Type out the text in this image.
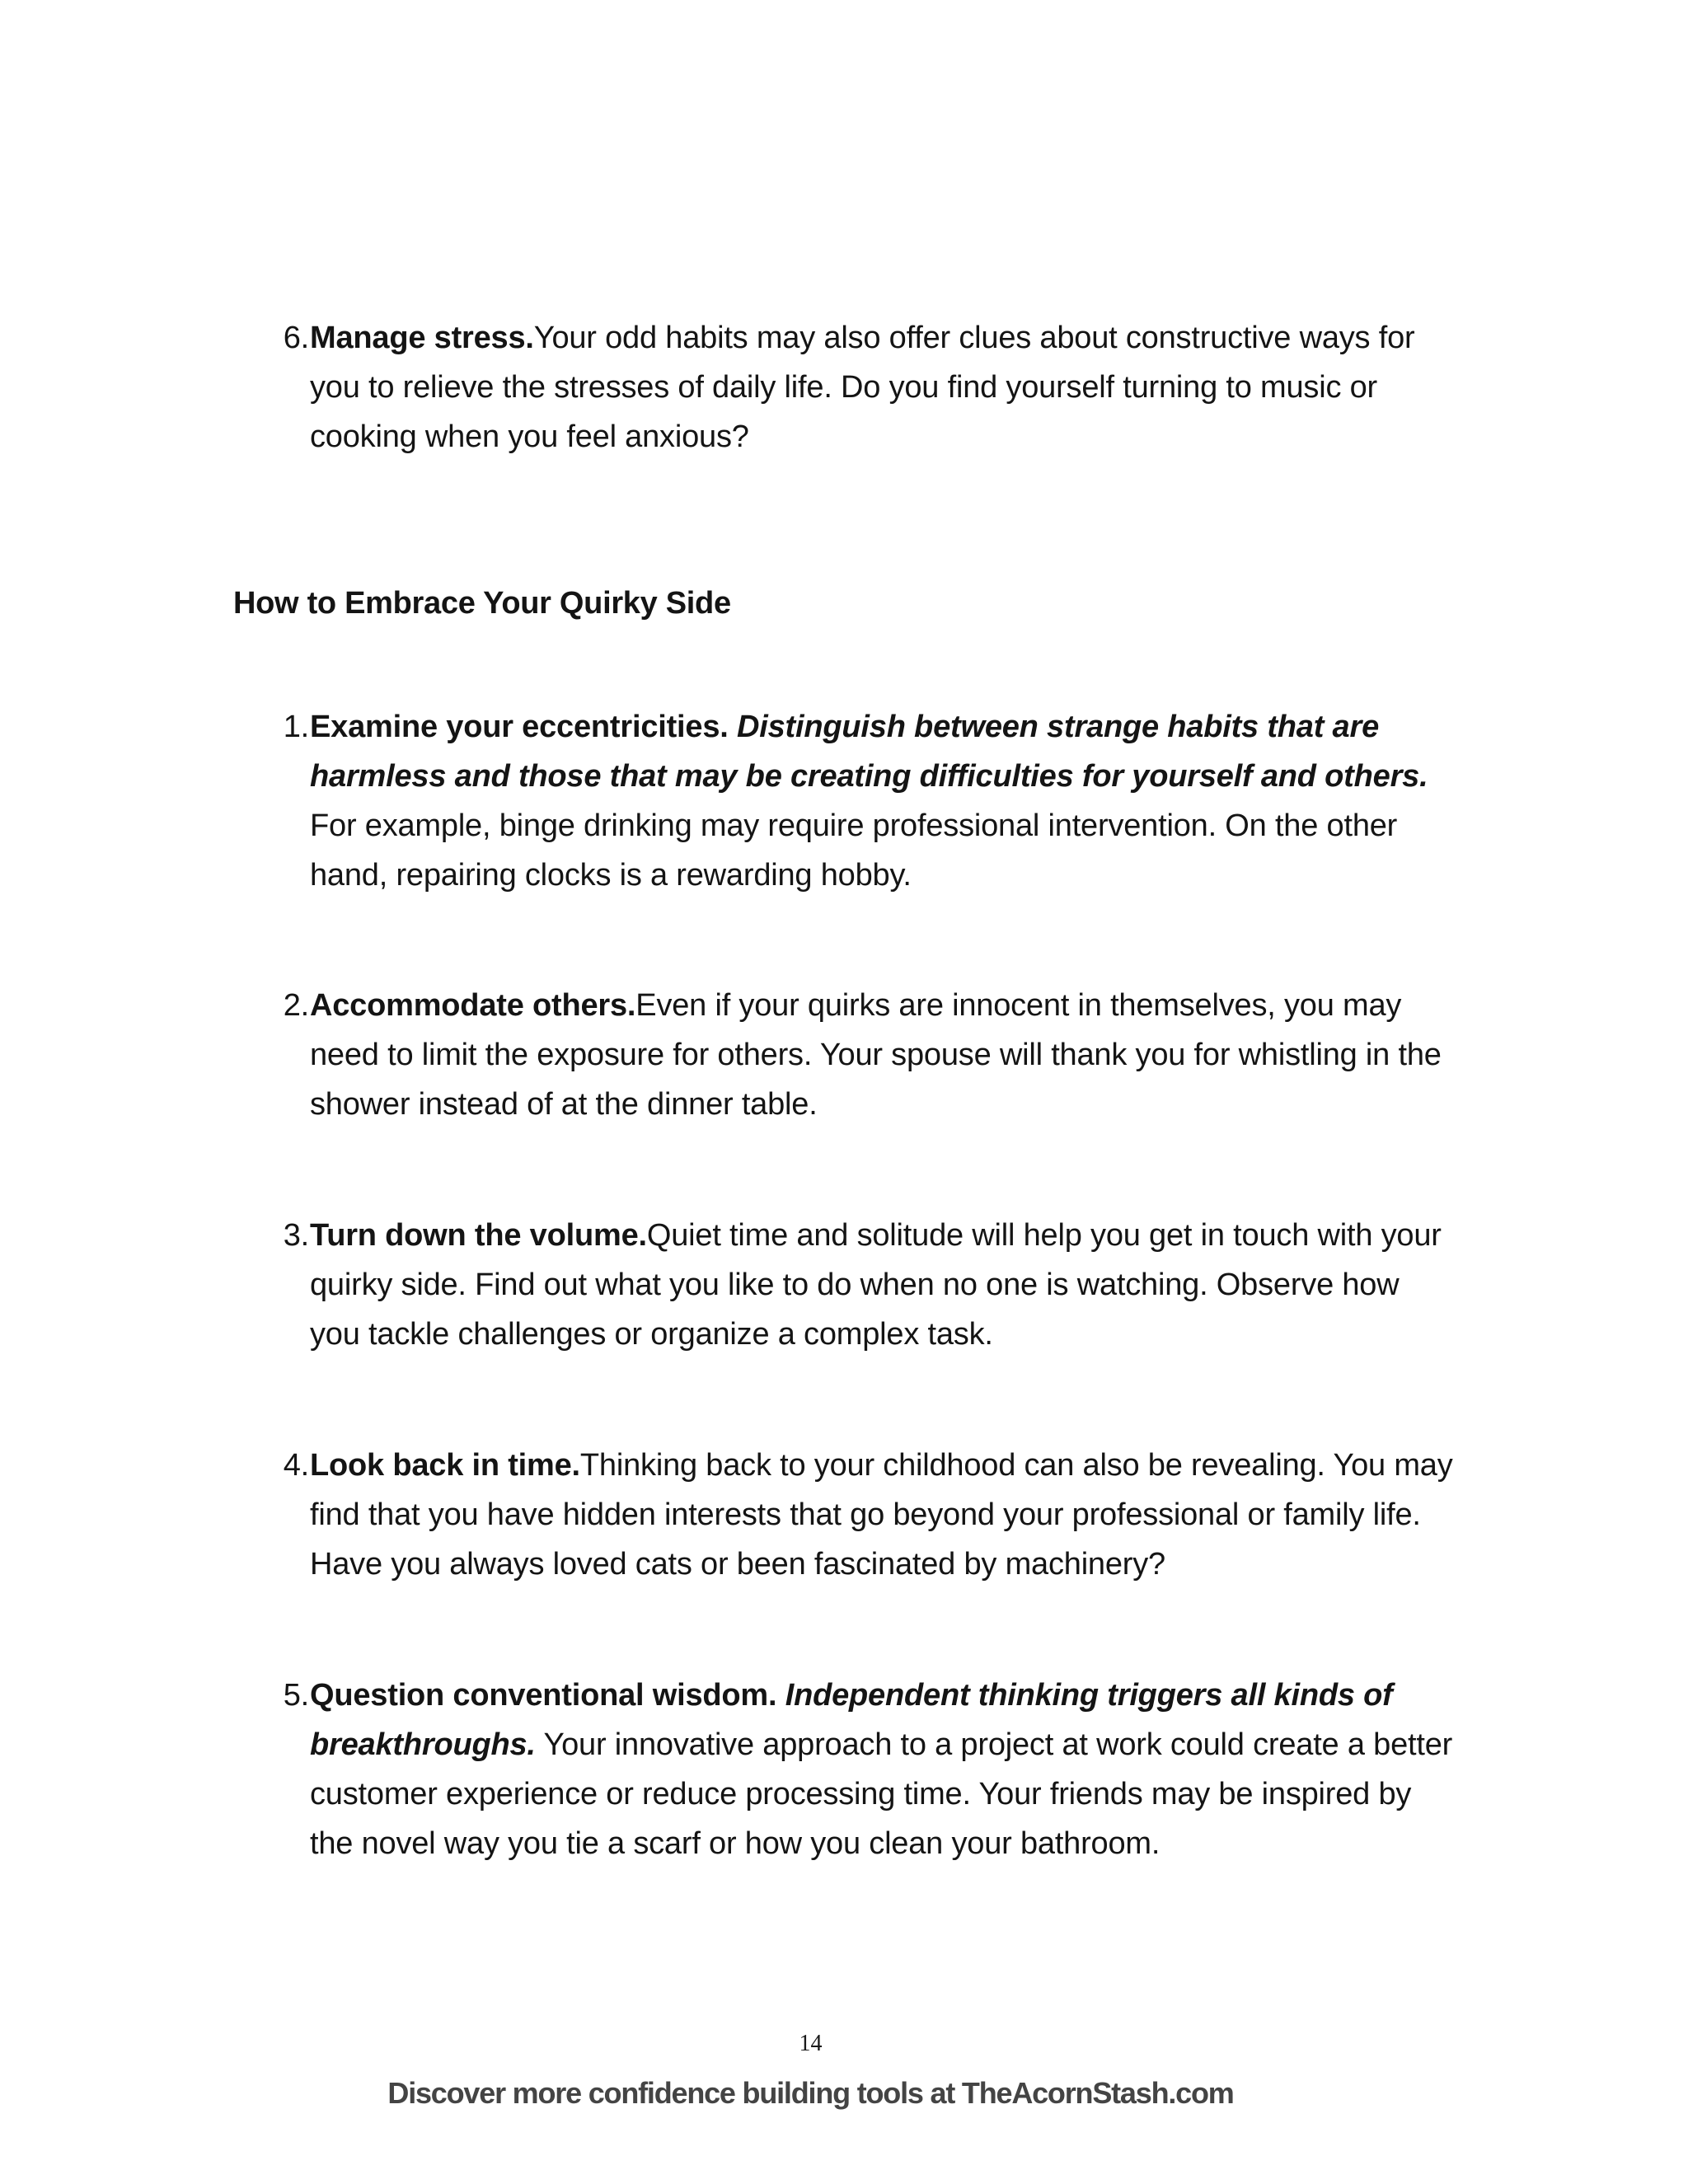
6. Manage stress.Your odd habits may also offer clues about constructive ways for you to relieve the stresses of daily life. Do you find yourself turning to music or cooking when you feel anxious?
How to Embrace Your Quirky Side
1. Examine your eccentricities. Distinguish between strange habits that are harmless and those that may be creating difficulties for yourself and others. For example, binge drinking may require professional intervention. On the other hand, repairing clocks is a rewarding hobby.
2. Accommodate others.Even if your quirks are innocent in themselves, you may need to limit the exposure for others. Your spouse will thank you for whistling in the shower instead of at the dinner table.
3. Turn down the volume.Quiet time and solitude will help you get in touch with your quirky side. Find out what you like to do when no one is watching. Observe how you tackle challenges or organize a complex task.
4. Look back in time.Thinking back to your childhood can also be revealing. You may find that you have hidden interests that go beyond your professional or family life. Have you always loved cats or been fascinated by machinery?
5. Question conventional wisdom. Independent thinking triggers all kinds of breakthroughs. Your innovative approach to a project at work could create a better customer experience or reduce processing time. Your friends may be inspired by the novel way you tie a scarf or how you clean your bathroom.
14
Discover more confidence building tools at TheAcornStash.com
